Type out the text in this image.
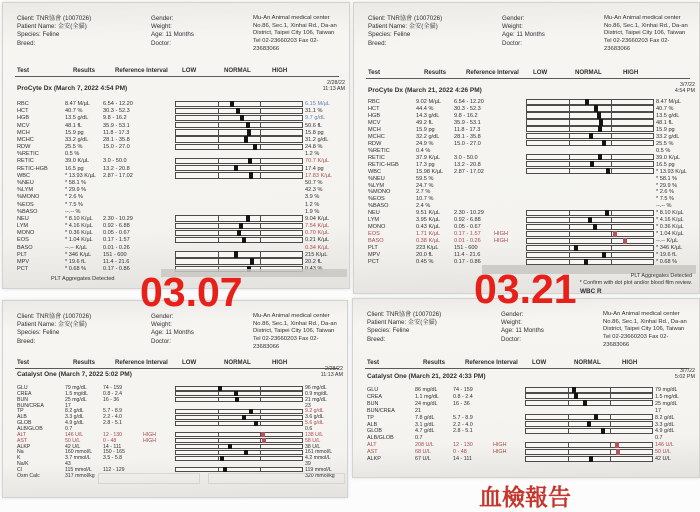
Client: TNR協會 (1007026)
Patient Name: 金安(全貓)
Species: Feline
Breed:
Gender:
Weight:
Age: 11 Months
Doctor:
Mu-An Animal medical center
No.86, Sec.1, Xinhai Rd., Da-an
District, Taipei City 106, Taiwan
Tel 02-23660203 Fax 02-
23683066
Test	Results	Reference Interval LOW	NORMAL	HIGH
ProCyte Dx (March 7, 2022 4:54 PM)
2/28/22
11:13 AM
RBC	8.47 M/µL 6.54 - 12.20	6.15 M/µL
HCT	40.7 %	30.3 - 52.3	31.1 %
HGB	13.5 g/dL	9.8 - 16.2	9.7 g/dL
MCV	48.1 fL	35.9 - 53.1	50.6 fL
MCH	15.9 pg	11.8 - 17.3	15.8 pg
MCHC	33.2 g/dL	28.1 - 35.8	31.2 g/dL
RDW	25.5 %	15.0 - 27.0	24.8 %
%RETIC	0.5 %	1.2 %
RETIC	39.0 K/µL 3.0 - 50.0	70.7 K/µL
RETIC-HGB	16.5 pg	13.2 - 20.8	17.4 pg
WBC	* 13.93 K/µL 2.87 - 17.02	17.83 K/µL
%NEU	* 58.1 %	50.7 %
%LYM	* 29.9 %	42.3 %
%MONO	* 2.6 %	3.9 %
%EOS	* 7.5 %	1.2 %
%BASO	--.-- %	1.9 %
NEU	* 8.10 K/µL 2.30 - 10.29	9.04 K/µL
LYM	* 4.16 K/µL 0.92 - 6.88	7.54 K/µL
MONO	* 0.36 K/µL 0.05 - 0.67	0.70 K/µL
EOS	* 1.04 K/µL 0.17 - 1.57	0.21 K/µL
BASO	--.-- K/µL	0.01 - 0.26	0.34 K/µL
PLT	* 346 K/µL 151 - 600	215 K/µL
MPV	* 19.6 fL	11.4 - 21.6	20.2 fL
PCT	* 0.68 %	0.17 - 0.86
PLT Aggregates Detected
Client: TNR協會 (1007026)
Patient Name: 金安(全貓)
Species: Feline
Breed:
Gender:
Weight:
Age: 11 Months
Doctor:
Mu-An Animal medical center
No.86, Sec.1, Xinhai Rd., Da-an
District, Taipei City 106, Taiwan
Tel 02-23660203 Fax 02-
23683066
Test	Results	Reference Interval LOW	NORMAL	HIGH
ProCyte Dx (March 21, 2022 4:26 PM)
3/7/22
4:54 PM
RBC	9.02 M/µL 6.54 - 12.20	8.47 M/µL
HCT	44.4 %	30.3 - 52.3	40.7 %
HGB	14.3 g/dL	9.8 - 16.2	13.5 g/dL
MCV	49.2 fL	35.9 - 53.1	48.1 fL
MCH	15.9 pg	11.8 - 17.3	15.9 pg
MCHC	32.2 g/dL	28.1 - 35.8	33.2 g/dL
RDW	24.9 %	15.0 - 27.0	25.5 %
%RETIC	0.4 %	0.5 %
RETIC	37.9 K/µL 3.0 - 50.0	39.0 K/µL
RETIC-HGB	17.3 pg	13.2 - 20.8	16.5 pg
WBC	15.98 K/µL 2.87 - 17.02	* 13.93 K/µL
%NEU	59.5 %	* 58.1 %
%LYM	24.7 %	* 29.9 %
%MONO	2.7 %	* 2.6 %
%EOS	10.7 %	* 7.5 %
%BASO	2.4 %	--.-- %
NEU	9.51 K/µL 2.30 - 10.29	* 8.10 K/µL
LYM	3.95 K/µL 0.92 - 6.88	* 4.16 K/µL
MONO	0.43 K/µL 0.05 - 0.67	* 0.36 K/µL
EOS	1.71 K/µL 0.17 - 1.57 HIGH	* 1.04 K/µL
BASO	0.38 K/µL 0.01 - 0.26 HIGH	--.-- K/µL
PLT	223 K/µL	151 - 600	* 346 K/µL
MPV	20.0 fL	11.4 - 21.6	* 19.6 fL
PCT	0.45 %	0.17 - 0.86	* 0.68 %
PLT Aggregates Detected
* Confirm with dot plot and/or blood film review.
WBC R
Client: TNR協會 (1007026)
Patient Name: 金安(全貓)
Species: Feline
Breed:
Gender:
Weight:
Age: 11 Months
Doctor:
Mu-An Animal medical center
No.86, Sec.1, Xinhai Rd., Da-an
District, Taipei City 106, Taiwan
Tel 02-23660203 Fax 02-
23683066
Test	Results	Reference Interval LOW	NORMAL	HIGH
Catalyst One (March 7, 2022 5:02 PM)
2/28/22
11:13 AM
GLU	79 mg/dL	74 - 159	96 mg/dL
CREA	1.5 mg/dL	0.8 - 2.4	0.9 mg/dL
BUN	25 mg/dL	16 - 36	21 mg/dL
BUN/CREA	17	23
TP	8.2 g/dL	5.7 - 8.9	9.2 g/dL
ALB	3.3 g/dL	2.2 - 4.0	3.6 g/dL
GLOB	4.9 g/dL	2.8 - 5.1	5.6 g/dL
ALB/GLOB	0.7	0.6
ALT	146 U/L	12 - 130	HIGH	138 U/L
AST	50 U/L	0 - 48	HIGH	58 U/L
ALKP	42 U/L	14 - 111	38 U/L
Na	160 mmol/L 150 - 165	161 mmol/L
K	3.7 mmol/L 3.5 - 5.8	4.2 mmol/L
Na/K	43	39
Cl	115 mmol/L 112 - 129	119 mmol/L
Osm Calc	317 mmol/kg	320 mmol/kg
Client: TNR協會 (1007026)
Patient Name: 金安(全貓)
Species: Feline
Breed:
Gender:
Weight:
Age: 11 Months
Doctor:
Mu-An Animal medical center
No.86, Sec.1, Xinhai Rd., Da-an
District, Taipei City 106, Taiwan
Tel 02-23660203 Fax 02-
23683066
Test	Results	Reference Interval LOW	NORMAL	HIGH
Catalyst One (March 21, 2022 4:33 PM)
3/7/22
5:02 PM
GLU	86 mg/dL	74 - 159	79 mg/dL
CREA	1.1 mg/dL	0.8 - 2.4	1.5 mg/dL
BUN	24 mg/dL	16 - 36	25 mg/dL
BUN/CREA	21	17
TP	7.8 g/dL	5.7 - 8.9	8.2 g/dL
ALB	3.1 g/dL	2.2 - 4.0	3.3 g/dL
GLOB	4.7 g/dL	2.8 - 5.1	4.9 g/dL
ALB/GLOB	0.7	0.7
ALT	208 U/L	12 - 130	HIGH	146 U/L
AST	68 U/L	0 - 48	HIGH	50 U/L
ALKP	67 U/L	14 - 111	42 U/L
03.07	03.21
血檢報告
